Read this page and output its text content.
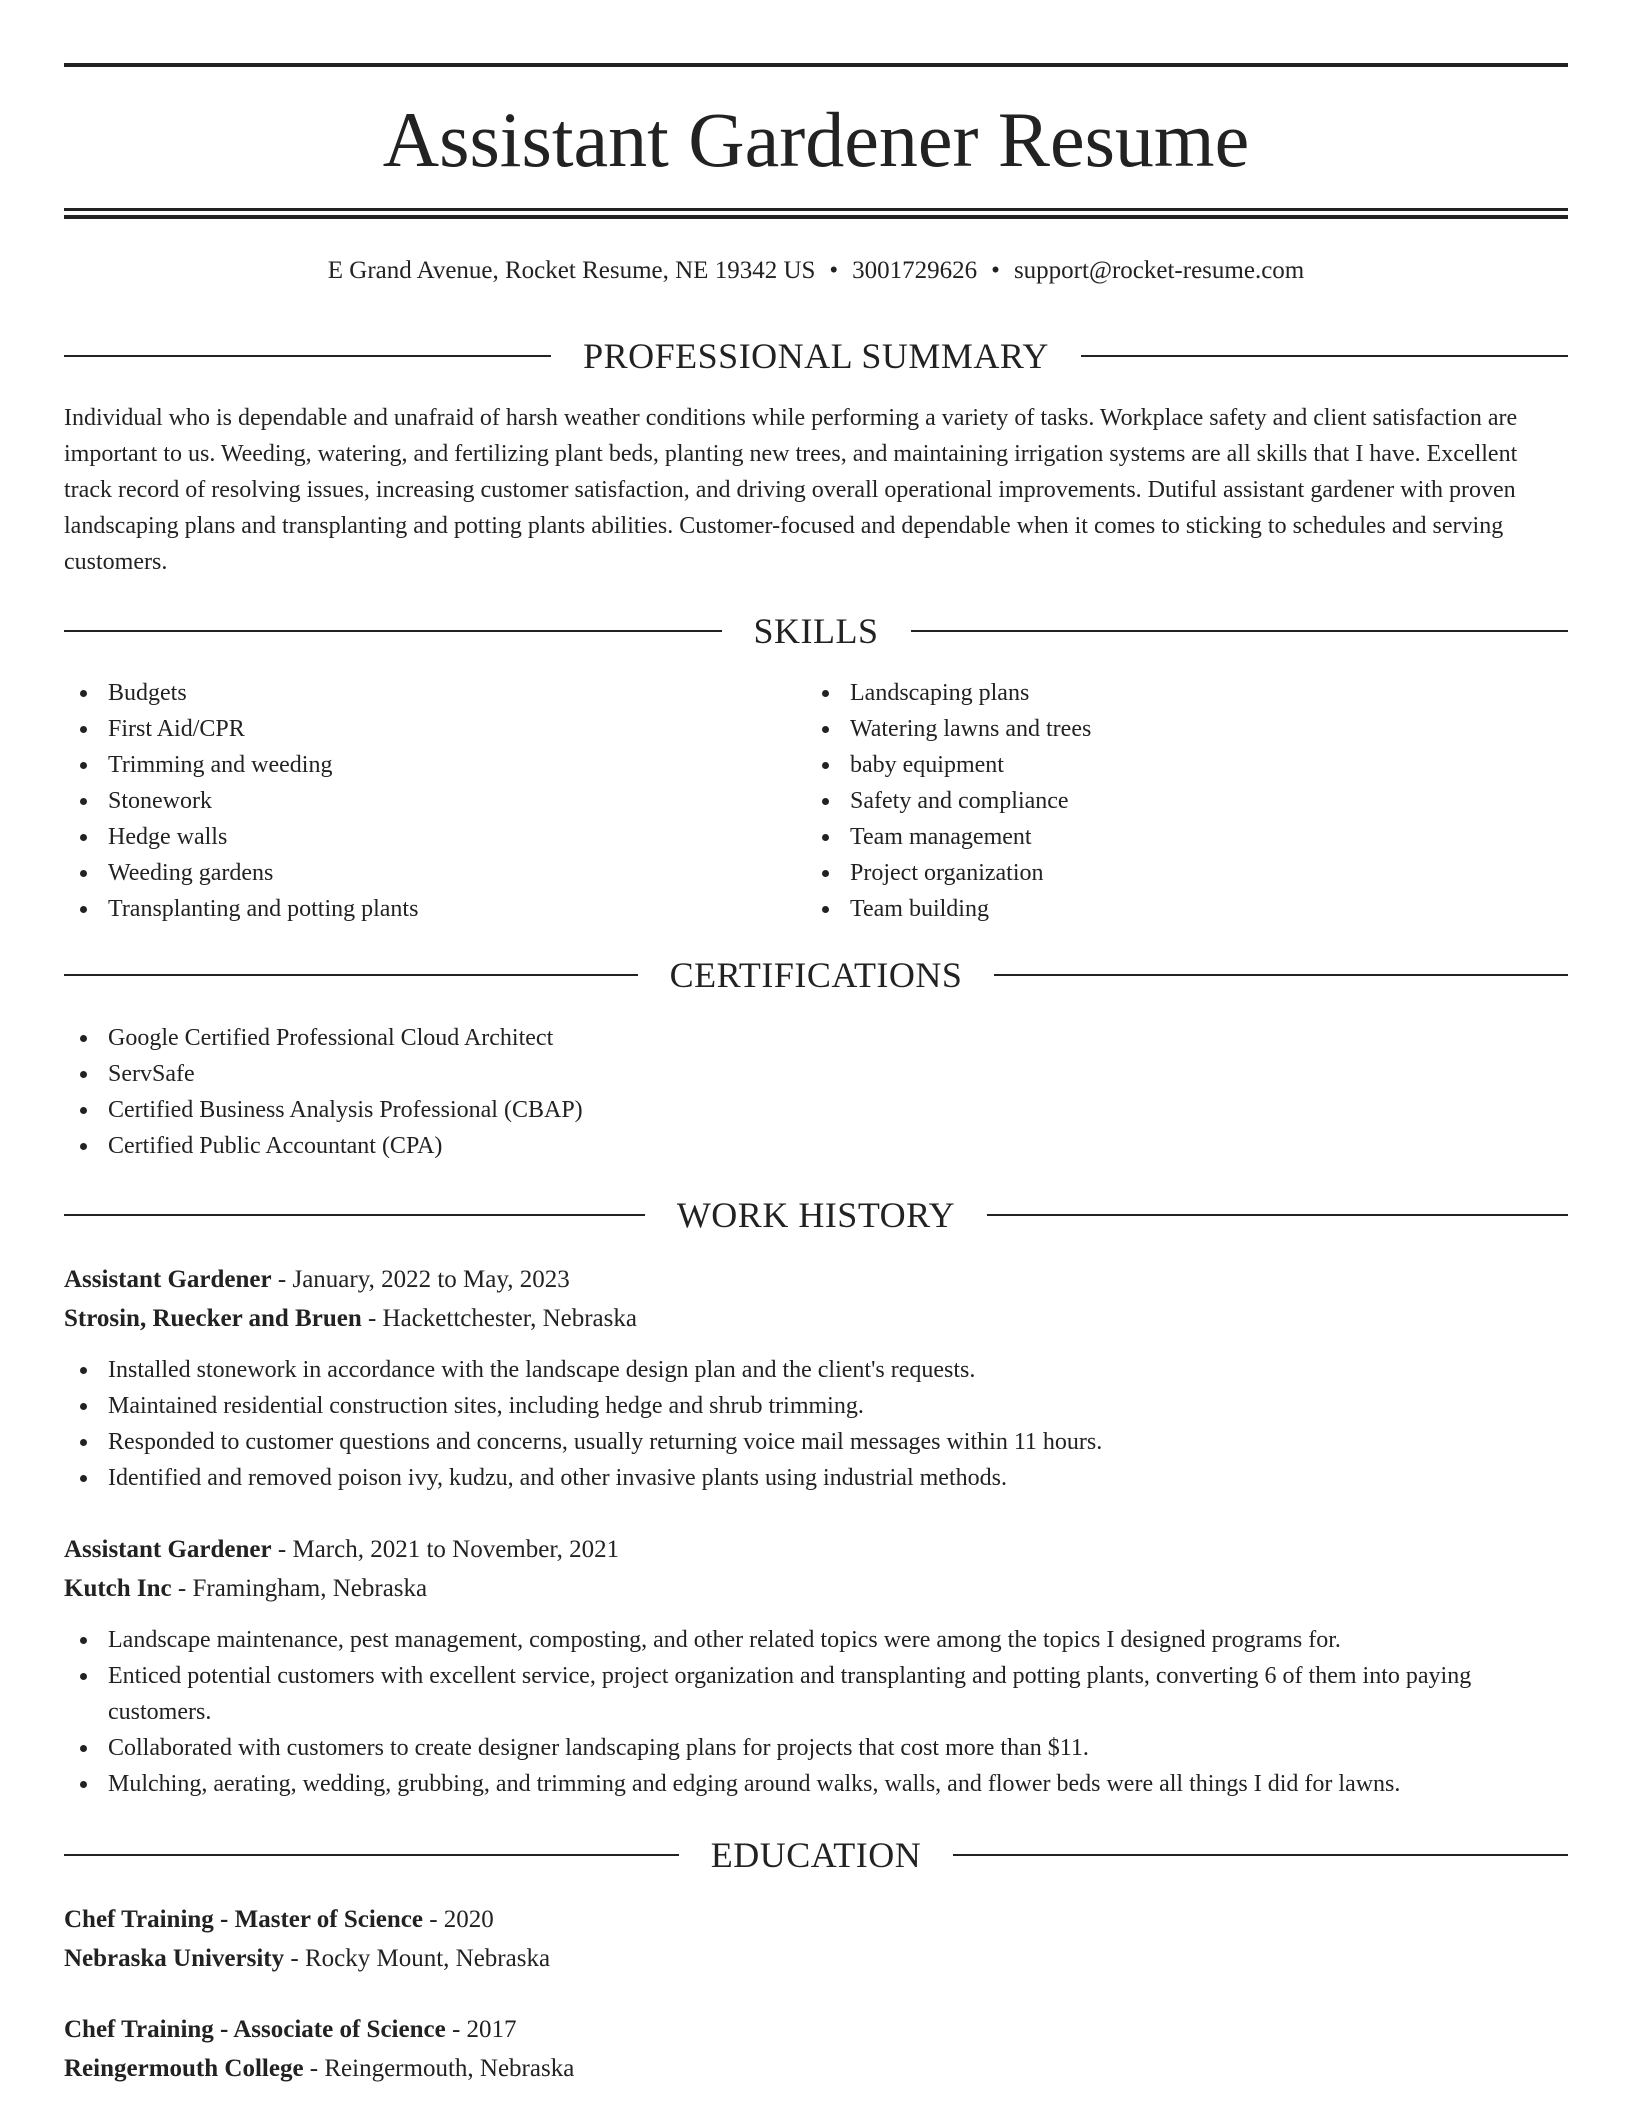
Assistant Gardener Resume
E Grand Avenue, Rocket Resume, NE 19342 US • 3001729626 • support@rocket-resume.com
PROFESSIONAL SUMMARY

Individual who is dependable and unafraid of harsh weather conditions while performing a variety of tasks. Workplace safety and client satisfaction are important to us. Weeding, watering, and fertilizing plant beds, planting new trees, and maintaining irrigation systems are all skills that I have. Excellent track record of resolving issues, increasing customer satisfaction, and driving overall operational improvements. Dutiful assistant gardener with proven landscaping plans and transplanting and potting plants abilities. Customer-focused and dependable when it comes to sticking to schedules and serving customers.

SKILLS
Budgets
First Aid/CPR
Trimming and weeding
Stonework
Hedge walls
Weeding gardens
Transplanting and potting plants
Landscaping plans
Watering lawns and trees
baby equipment
Safety and compliance
Team management
Project organization
Team building
CERTIFICATIONS
Google Certified Professional Cloud Architect
ServSafe
Certified Business Analysis Professional (CBAP)
Certified Public Accountant (CPA)
WORK HISTORY
Assistant Gardener - January, 2022 to May, 2023
Strosin, Ruecker and Bruen - Hackettchester, Nebraska
Installed stonework in accordance with the landscape design plan and the client's requests.
Maintained residential construction sites, including hedge and shrub trimming.
Responded to customer questions and concerns, usually returning voice mail messages within 11 hours.
Identified and removed poison ivy, kudzu, and other invasive plants using industrial methods.
Assistant Gardener - March, 2021 to November, 2021
Kutch Inc - Framingham, Nebraska
Landscape maintenance, pest management, composting, and other related topics were among the topics I designed programs for.
Enticed potential customers with excellent service, project organization and transplanting and potting plants, converting 6 of them into paying customers.
Collaborated with customers to create designer landscaping plans for projects that cost more than $11.
Mulching, aerating, wedding, grubbing, and trimming and edging around walks, walls, and flower beds were all things I did for lawns.
EDUCATION
Chef Training - Master of Science - 2020
Nebraska University - Rocky Mount, Nebraska
Chef Training - Associate of Science - 2017
Reingermouth College - Reingermouth, Nebraska
